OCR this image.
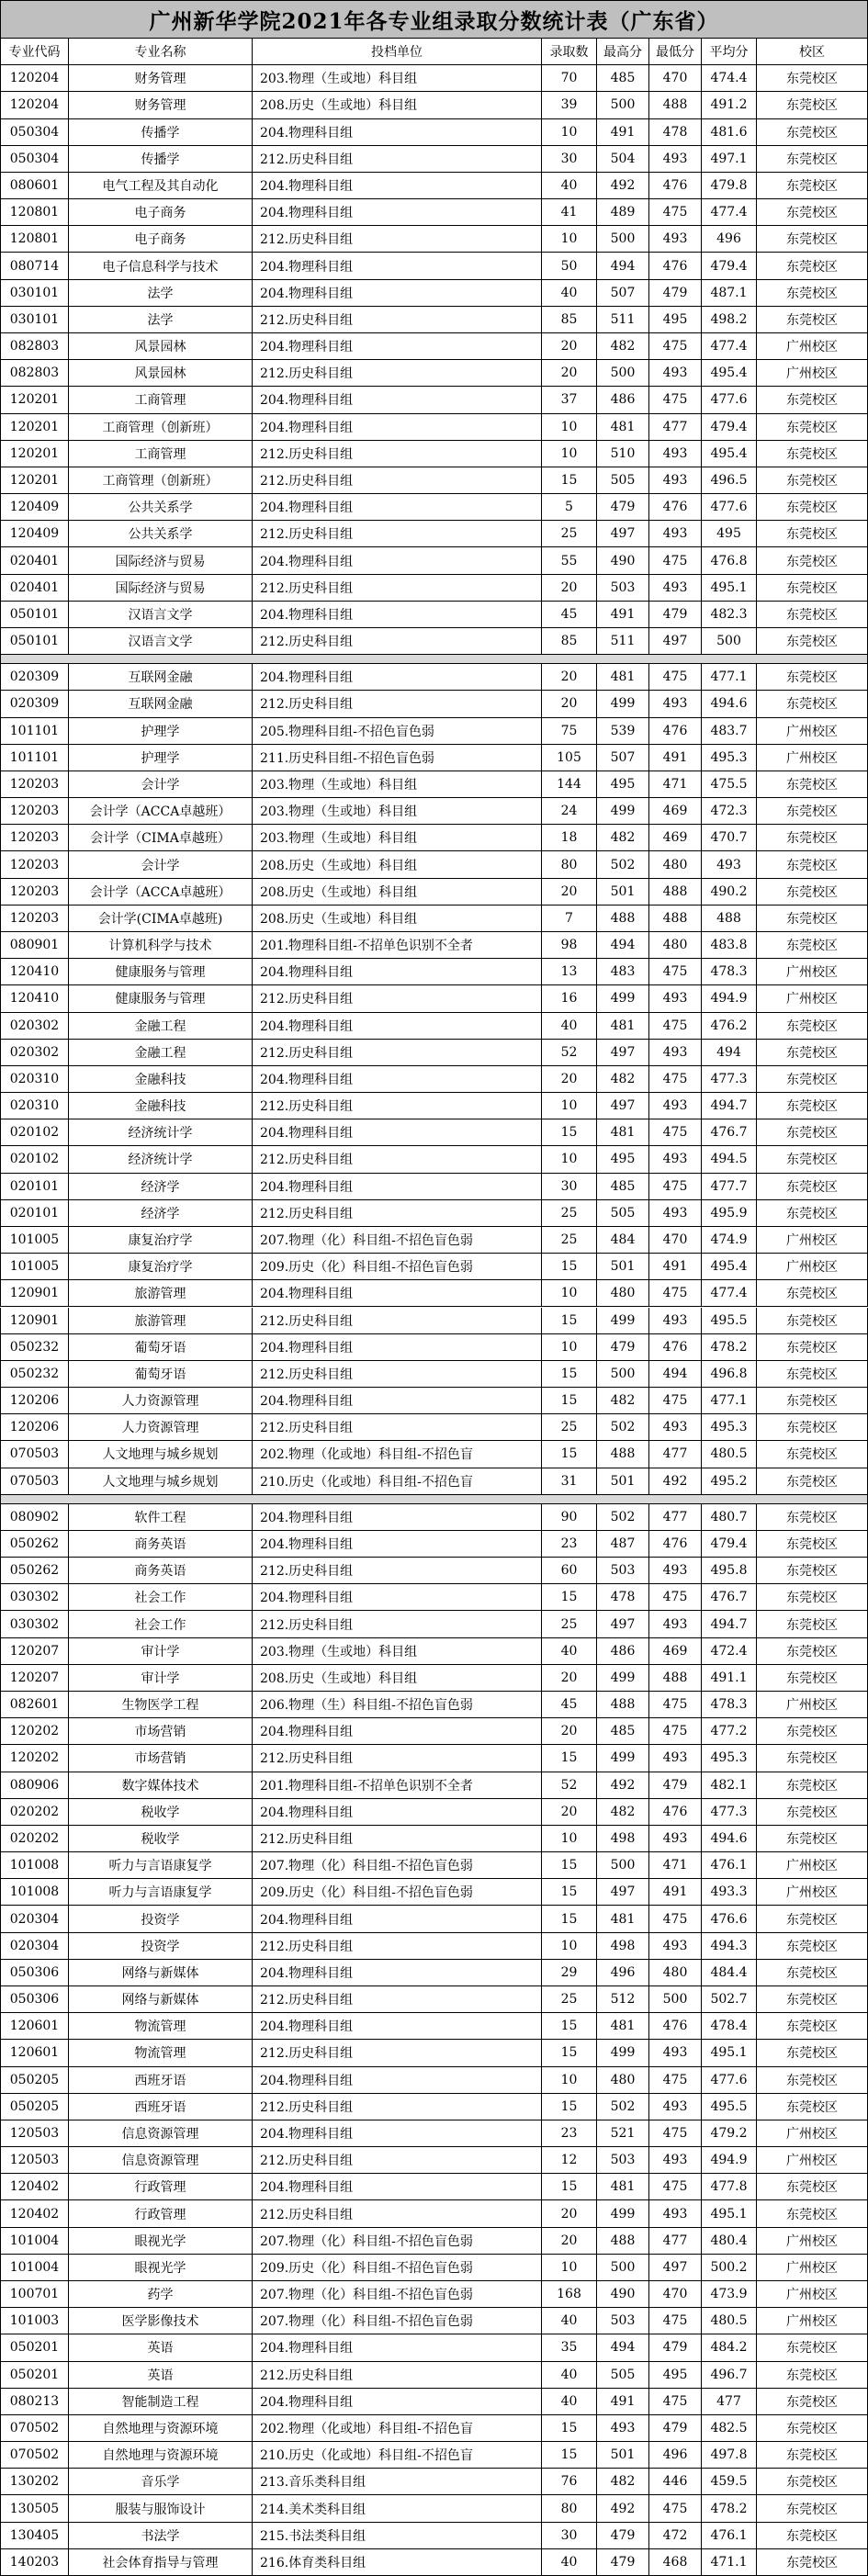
广州新华学院2021年各专业组录取分数统计表（广东省）
专业代码	专业名称	投档单位	录取数	最高分	最低分	平均分	校区
120204	财务管理	203.物理（生或地）科目组	70	485	470	474.4	东莞校区
120204	财务管理	208.历史（生或地）科目组	39	500	488	491.2	东莞校区
050304	传播学	204.物理科目组	10	491	478	481.6	东莞校区
050304	传播学	212.历史科目组	30	504	493	497.1	东莞校区
080601	电气工程及其自动化	204.物理科目组	40	492	476	479.8	东莞校区
120801	电子商务	204.物理科目组	41	489	475	477.4	东莞校区
120801	电子商务	212.历史科目组	10	500	493	496	东莞校区
080714	电子信息科学与技术	204.物理科目组	50	494	476	479.4	东莞校区
030101	法学	204.物理科目组	40	507	479	487.1	东莞校区
030101	法学	212.历史科目组	85	511	495	498.2	东莞校区
082803	风景园林	204.物理科目组	20	482	475	477.4	广州校区
082803	风景园林	212.历史科目组	20	500	493	495.4	广州校区
120201	工商管理	204.物理科目组	37	486	475	477.6	东莞校区
120201	工商管理（创新班）	204.物理科目组	10	481	477	479.4	东莞校区
120201	工商管理	212.历史科目组	10	510	493	495.4	东莞校区
120201	工商管理（创新班）	212.历史科目组	15	505	493	496.5	东莞校区
120409	公共关系学	204.物理科目组	5	479	476	477.6	东莞校区
120409	公共关系学	212.历史科目组	25	497	493	495	东莞校区
020401	国际经济与贸易	204.物理科目组	55	490	475	476.8	东莞校区
020401	国际经济与贸易	212.历史科目组	20	503	493	495.1	东莞校区
050101	汉语言文学	204.物理科目组	45	491	479	482.3	东莞校区
050101	汉语言文学	212.历史科目组	85	511	497	500	东莞校区
020309	互联网金融	204.物理科目组	20	481	475	477.1	东莞校区
020309	互联网金融	212.历史科目组	20	499	493	494.6	东莞校区
101101	护理学	205.物理科目组-不招色盲色弱	75	539	476	483.7	广州校区
101101	护理学	211.历史科目组-不招色盲色弱	105	507	491	495.3	广州校区
120203	会计学	203.物理（生或地）科目组	144	495	471	475.5	东莞校区
120203	会计学（ACCA卓越班）	203.物理（生或地）科目组	24	499	469	472.3	东莞校区
120203	会计学（CIMA卓越班）	203.物理（生或地）科目组	18	482	469	470.7	东莞校区
120203	会计学	208.历史（生或地）科目组	80	502	480	493	东莞校区
120203	会计学（ACCA卓越班）	208.历史（生或地）科目组	20	501	488	490.2	东莞校区
120203	会计学(CIMA卓越班)	208.历史（生或地）科目组	7	488	488	488	东莞校区
080901	计算机科学与技术	201.物理科目组-不招单色识别不全者	98	494	480	483.8	东莞校区
120410	健康服务与管理	204.物理科目组	13	483	475	478.3	广州校区
120410	健康服务与管理	212.历史科目组	16	499	493	494.9	广州校区
020302	金融工程	204.物理科目组	40	481	475	476.2	东莞校区
020302	金融工程	212.历史科目组	52	497	493	494	东莞校区
020310	金融科技	204.物理科目组	20	482	475	477.3	东莞校区
020310	金融科技	212.历史科目组	10	497	493	494.7	东莞校区
020102	经济统计学	204.物理科目组	15	481	475	476.7	东莞校区
020102	经济统计学	212.历史科目组	10	495	493	494.5	东莞校区
020101	经济学	204.物理科目组	30	485	475	477.7	东莞校区
020101	经济学	212.历史科目组	25	505	493	495.9	东莞校区
101005	康复治疗学	207.物理（化）科目组-不招色盲色弱	25	484	470	474.9	广州校区
101005	康复治疗学	209.历史（化）科目组-不招色盲色弱	15	501	491	495.4	广州校区
120901	旅游管理	204.物理科目组	10	480	475	477.4	东莞校区
120901	旅游管理	212.历史科目组	15	499	493	495.5	东莞校区
050232	葡萄牙语	204.物理科目组	10	479	476	478.2	东莞校区
050232	葡萄牙语	212.历史科目组	15	500	494	496.8	东莞校区
120206	人力资源管理	204.物理科目组	15	482	475	477.1	东莞校区
120206	人力资源管理	212.历史科目组	25	502	493	495.3	东莞校区
070503	人文地理与城乡规划	202.物理（化或地）科目组-不招色盲	15	488	477	480.5	东莞校区
070503	人文地理与城乡规划	210.历史（化或地）科目组-不招色盲	31	501	492	495.2	东莞校区
080902	软件工程	204.物理科目组	90	502	477	480.7	东莞校区
050262	商务英语	204.物理科目组	23	487	476	479.4	东莞校区
050262	商务英语	212.历史科目组	60	503	493	495.8	东莞校区
030302	社会工作	204.物理科目组	15	478	475	476.7	东莞校区
030302	社会工作	212.历史科目组	25	497	493	494.7	东莞校区
120207	审计学	203.物理（生或地）科目组	40	486	469	472.4	东莞校区
120207	审计学	208.历史（生或地）科目组	20	499	488	491.1	东莞校区
082601	生物医学工程	206.物理（生）科目组-不招色盲色弱	45	488	475	478.3	广州校区
120202	市场营销	204.物理科目组	20	485	475	477.2	东莞校区
120202	市场营销	212.历史科目组	15	499	493	495.3	东莞校区
080906	数字媒体技术	201.物理科目组-不招单色识别不全者	52	492	479	482.1	东莞校区
020202	税收学	204.物理科目组	20	482	476	477.3	东莞校区
020202	税收学	212.历史科目组	10	498	493	494.6	东莞校区
101008	听力与言语康复学	207.物理（化）科目组-不招色盲色弱	15	500	471	476.1	广州校区
101008	听力与言语康复学	209.历史（化）科目组-不招色盲色弱	15	497	491	493.3	广州校区
020304	投资学	204.物理科目组	15	481	475	476.6	东莞校区
020304	投资学	212.历史科目组	10	498	493	494.3	东莞校区
050306	网络与新媒体	204.物理科目组	29	496	480	484.4	东莞校区
050306	网络与新媒体	212.历史科目组	25	512	500	502.7	东莞校区
120601	物流管理	204.物理科目组	15	481	476	478.4	东莞校区
120601	物流管理	212.历史科目组	15	499	493	495.1	东莞校区
050205	西班牙语	204.物理科目组	10	480	475	477.6	东莞校区
050205	西班牙语	212.历史科目组	15	502	493	495.5	东莞校区
120503	信息资源管理	204.物理科目组	23	521	475	479.2	广州校区
120503	信息资源管理	212.历史科目组	12	503	493	494.9	广州校区
120402	行政管理	204.物理科目组	15	481	475	477.8	东莞校区
120402	行政管理	212.历史科目组	20	499	493	495.1	东莞校区
101004	眼视光学	207.物理（化）科目组-不招色盲色弱	20	488	477	480.4	广州校区
101004	眼视光学	209.历史（化）科目组-不招色盲色弱	10	500	497	500.2	广州校区
100701	药学	207.物理（化）科目组-不招色盲色弱	168	490	470	473.9	广州校区
101003	医学影像技术	207.物理（化）科目组-不招色盲色弱	40	503	475	480.5	广州校区
050201	英语	204.物理科目组	35	494	479	484.2	东莞校区
050201	英语	212.历史科目组	40	505	495	496.7	东莞校区
080213	智能制造工程	204.物理科目组	40	491	475	477	东莞校区
070502	自然地理与资源环境	202.物理（化或地）科目组-不招色盲	15	493	479	482.5	东莞校区
070502	自然地理与资源环境	210.历史（化或地）科目组-不招色盲	15	501	496	497.8	东莞校区
130202	音乐学	213.音乐类科目组	76	482	446	459.5	东莞校区
130505	服装与服饰设计	214.美术类科目组	80	492	475	478.2	东莞校区
130405	书法学	215.书法类科目组	30	479	472	476.1	东莞校区
140203	社会体育指导与管理	216.体育类科目组	40	479	468	471.1	东莞校区
